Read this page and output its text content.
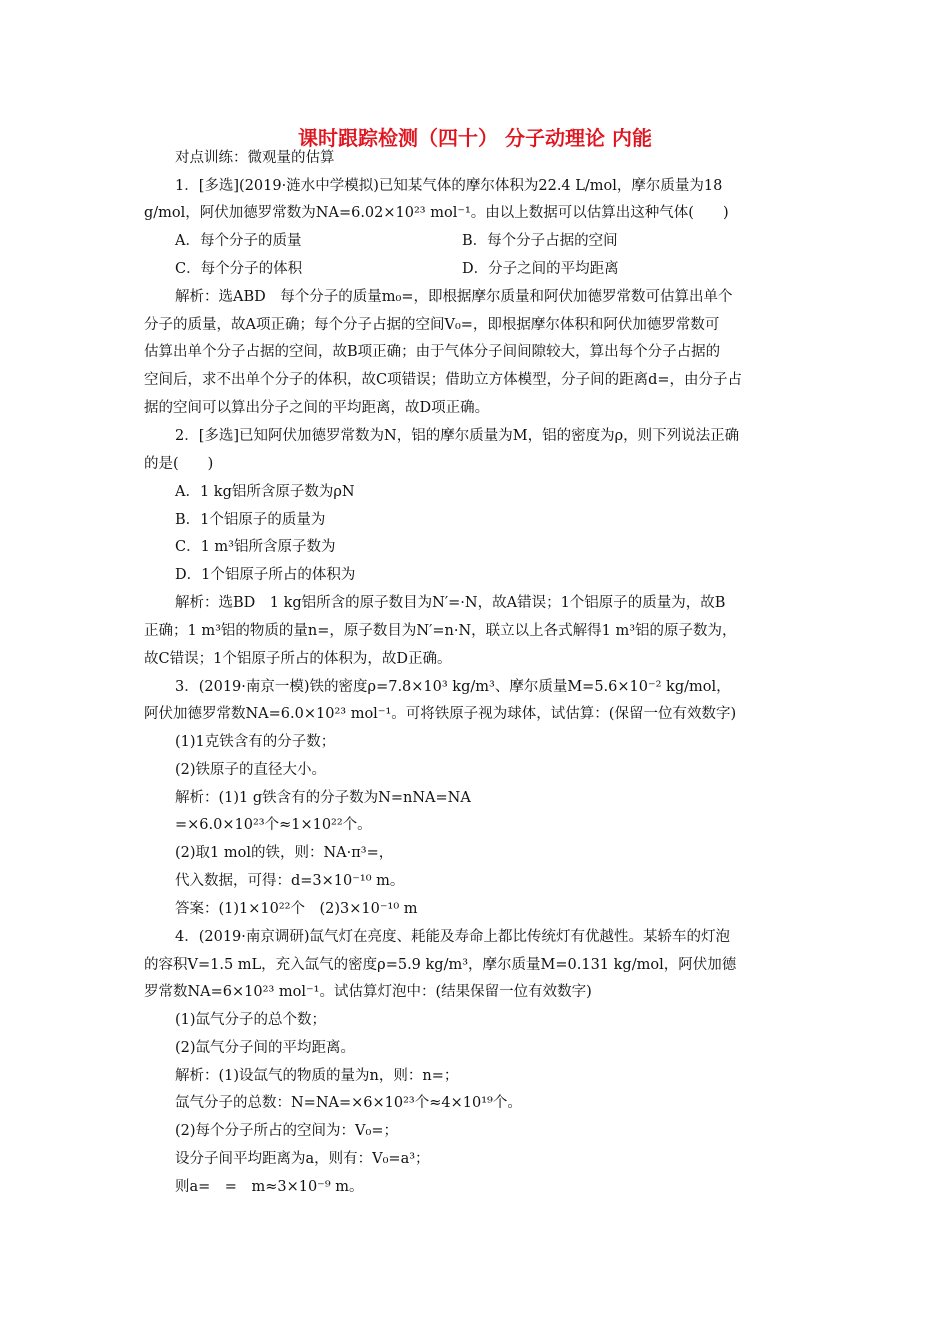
课时跟踪检测（四十） 分子动理论 内能
对点训练：微观量的估算
1．[多选](2019·涟水中学模拟)已知某气体的摩尔体积为22.4 L/mol，摩尔质量为18
g/mol，阿伏加德罗常数为NA=6.02×10²³ mol⁻¹。由以上数据可以估算出这种气体(　　)
A．每个分子的质量	B．每个分子占据的空间
C．每个分子的体积	D．分子之间的平均距离
解析：选ABD　每个分子的质量m₀=，即根据摩尔质量和阿伏加德罗常数可估算出单个
分子的质量，故A项正确；每个分子占据的空间V₀=，即根据摩尔体积和阿伏加德罗常数可
估算出单个分子占据的空间，故B项正确；由于气体分子间间隙较大，算出每个分子占据的
空间后，求不出单个分子的体积，故C项错误；借助立方体模型，分子间的距离d=，由分子占
据的空间可以算出分子之间的平均距离，故D项正确。
2．[多选]已知阿伏加德罗常数为N，铝的摩尔质量为M，铝的密度为ρ，则下列说法正确
的是(　　)
A．1 kg铝所含原子数为ρN
B．1个铝原子的质量为
C．1 m³铝所含原子数为
D．1个铝原子所占的体积为
解析：选BD　1 kg铝所含的原子数目为N′=·N，故A错误；1个铝原子的质量为，故B
正确；1 m³铝的物质的量n=，原子数目为N′=n·N，联立以上各式解得1 m³铝的原子数为，
故C错误；1个铝原子所占的体积为，故D正确。
3．(2019·南京一模)铁的密度ρ=7.8×10³ kg/m³、摩尔质量M=5.6×10⁻² kg/mol，
阿伏加德罗常数NA=6.0×10²³ mol⁻¹。可将铁原子视为球体，试估算：(保留一位有效数字)
(1)1克铁含有的分子数；
(2)铁原子的直径大小。
解析：(1)1 g铁含有的分子数为N=nNA=NA
=×6.0×10²³个≈1×10²²个。
(2)取1 mol的铁，则：NA·π³=，
代入数据，可得：d=3×10⁻¹⁰ m。
答案：(1)1×10²²个　(2)3×10⁻¹⁰ m
4．(2019·南京调研)氙气灯在亮度、耗能及寿命上都比传统灯有优越性。某轿车的灯泡
的容积V=1.5 mL，充入氙气的密度ρ=5.9 kg/m³，摩尔质量M=0.131 kg/mol，阿伏加德
罗常数NA=6×10²³ mol⁻¹。试估算灯泡中：(结果保留一位有效数字)
(1)氙气分子的总个数；
(2)氙气分子间的平均距离。
解析：(1)设氙气的物质的量为n，则：n=；
氙气分子的总数：N=NA=×6×10²³个≈4×10¹⁹个。
(2)每个分子所占的空间为：V₀=；
设分子间平均距离为a，则有：V₀=a³；
则a=　=　m≈3×10⁻⁹ m。
